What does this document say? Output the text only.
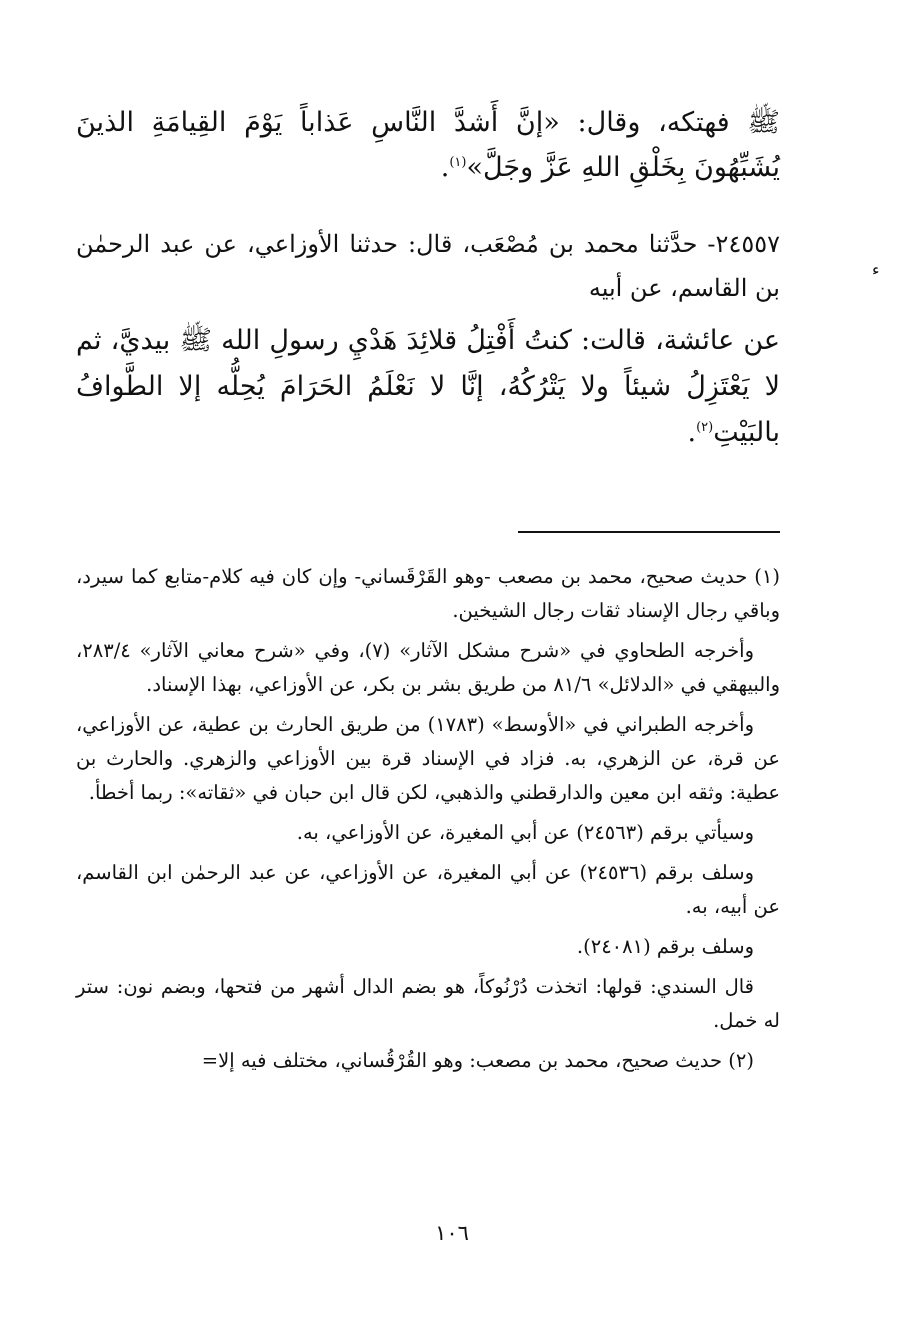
ﷺ فهتكه، وقال: «إنَّ أَشدَّ النَّاسِ عَذاباً يَوْمَ القِيامَةِ الذينَ يُشَبِّهُونَ بِخَلْقِ اللهِ عَزَّ وجَلَّ»$^{(١)}$.

٢٤٥٥٧- حدَّثنا محمد بن مُصْعَب، قال: حدثنا الأوزاعي، عن عبد الرحمٰن بن القاسم، عن أبيه

ء

عن عائشة، قالت: كنتُ أَفْتِلُ قلائِدَ هَدْيِ رسولِ الله ﷺ بيديَّ، ثم لا يَعْتَزِلُ شيئاً ولا يَتْرُكُهُ، إنَّا لا نَعْلَمُ الحَرَامَ يُحِلُّه إلا الطَّوافُ بالبَيْتِ$^{(٢)}$.

(١) حديث صحيح، محمد بن مصعب -وهو القَرْقَساني- وإن كان فيه كلام-متابع كما سيرد، وباقي رجال الإسناد ثقات رجال الشيخين.

وأخرجه الطحاوي في «شرح مشكل الآثار» (٧)، وفي «شرح معاني الآثار» ٢٨٣/٤، والبيهقي في «الدلائل» ٨١/٦ من طريق بشر بن بكر، عن الأوزاعي، بهذا الإسناد.

وأخرجه الطبراني في «الأوسط» (١٧٨٣) من طريق الحارث بن عطية، عن الأوزاعي، عن قرة، عن الزهري، به. فزاد في الإسناد قرة بين الأوزاعي والزهري. والحارث بن عطية: وثقه ابن معين والدارقطني والذهبي، لكن قال ابن حبان في «ثقاته»: ربما أخطأ.

وسيأتي برقم (٢٤٥٦٣) عن أبي المغيرة، عن الأوزاعي، به.

وسلف برقم (٢٤٥٣٦) عن أبي المغيرة، عن الأوزاعي، عن عبد الرحمٰن ابن القاسم، عن أبيه، به.

وسلف برقم (٢٤٠٨١).

قال السندي: قولها: اتخذت دُرْنُوكاً، هو بضم الدال أشهر من فتحها، وبضم نون: ستر له خمل.

(٢) حديث صحيح، محمد بن مصعب: وهو القُرْقُساني، مختلف فيه إلا=

١٠٦
